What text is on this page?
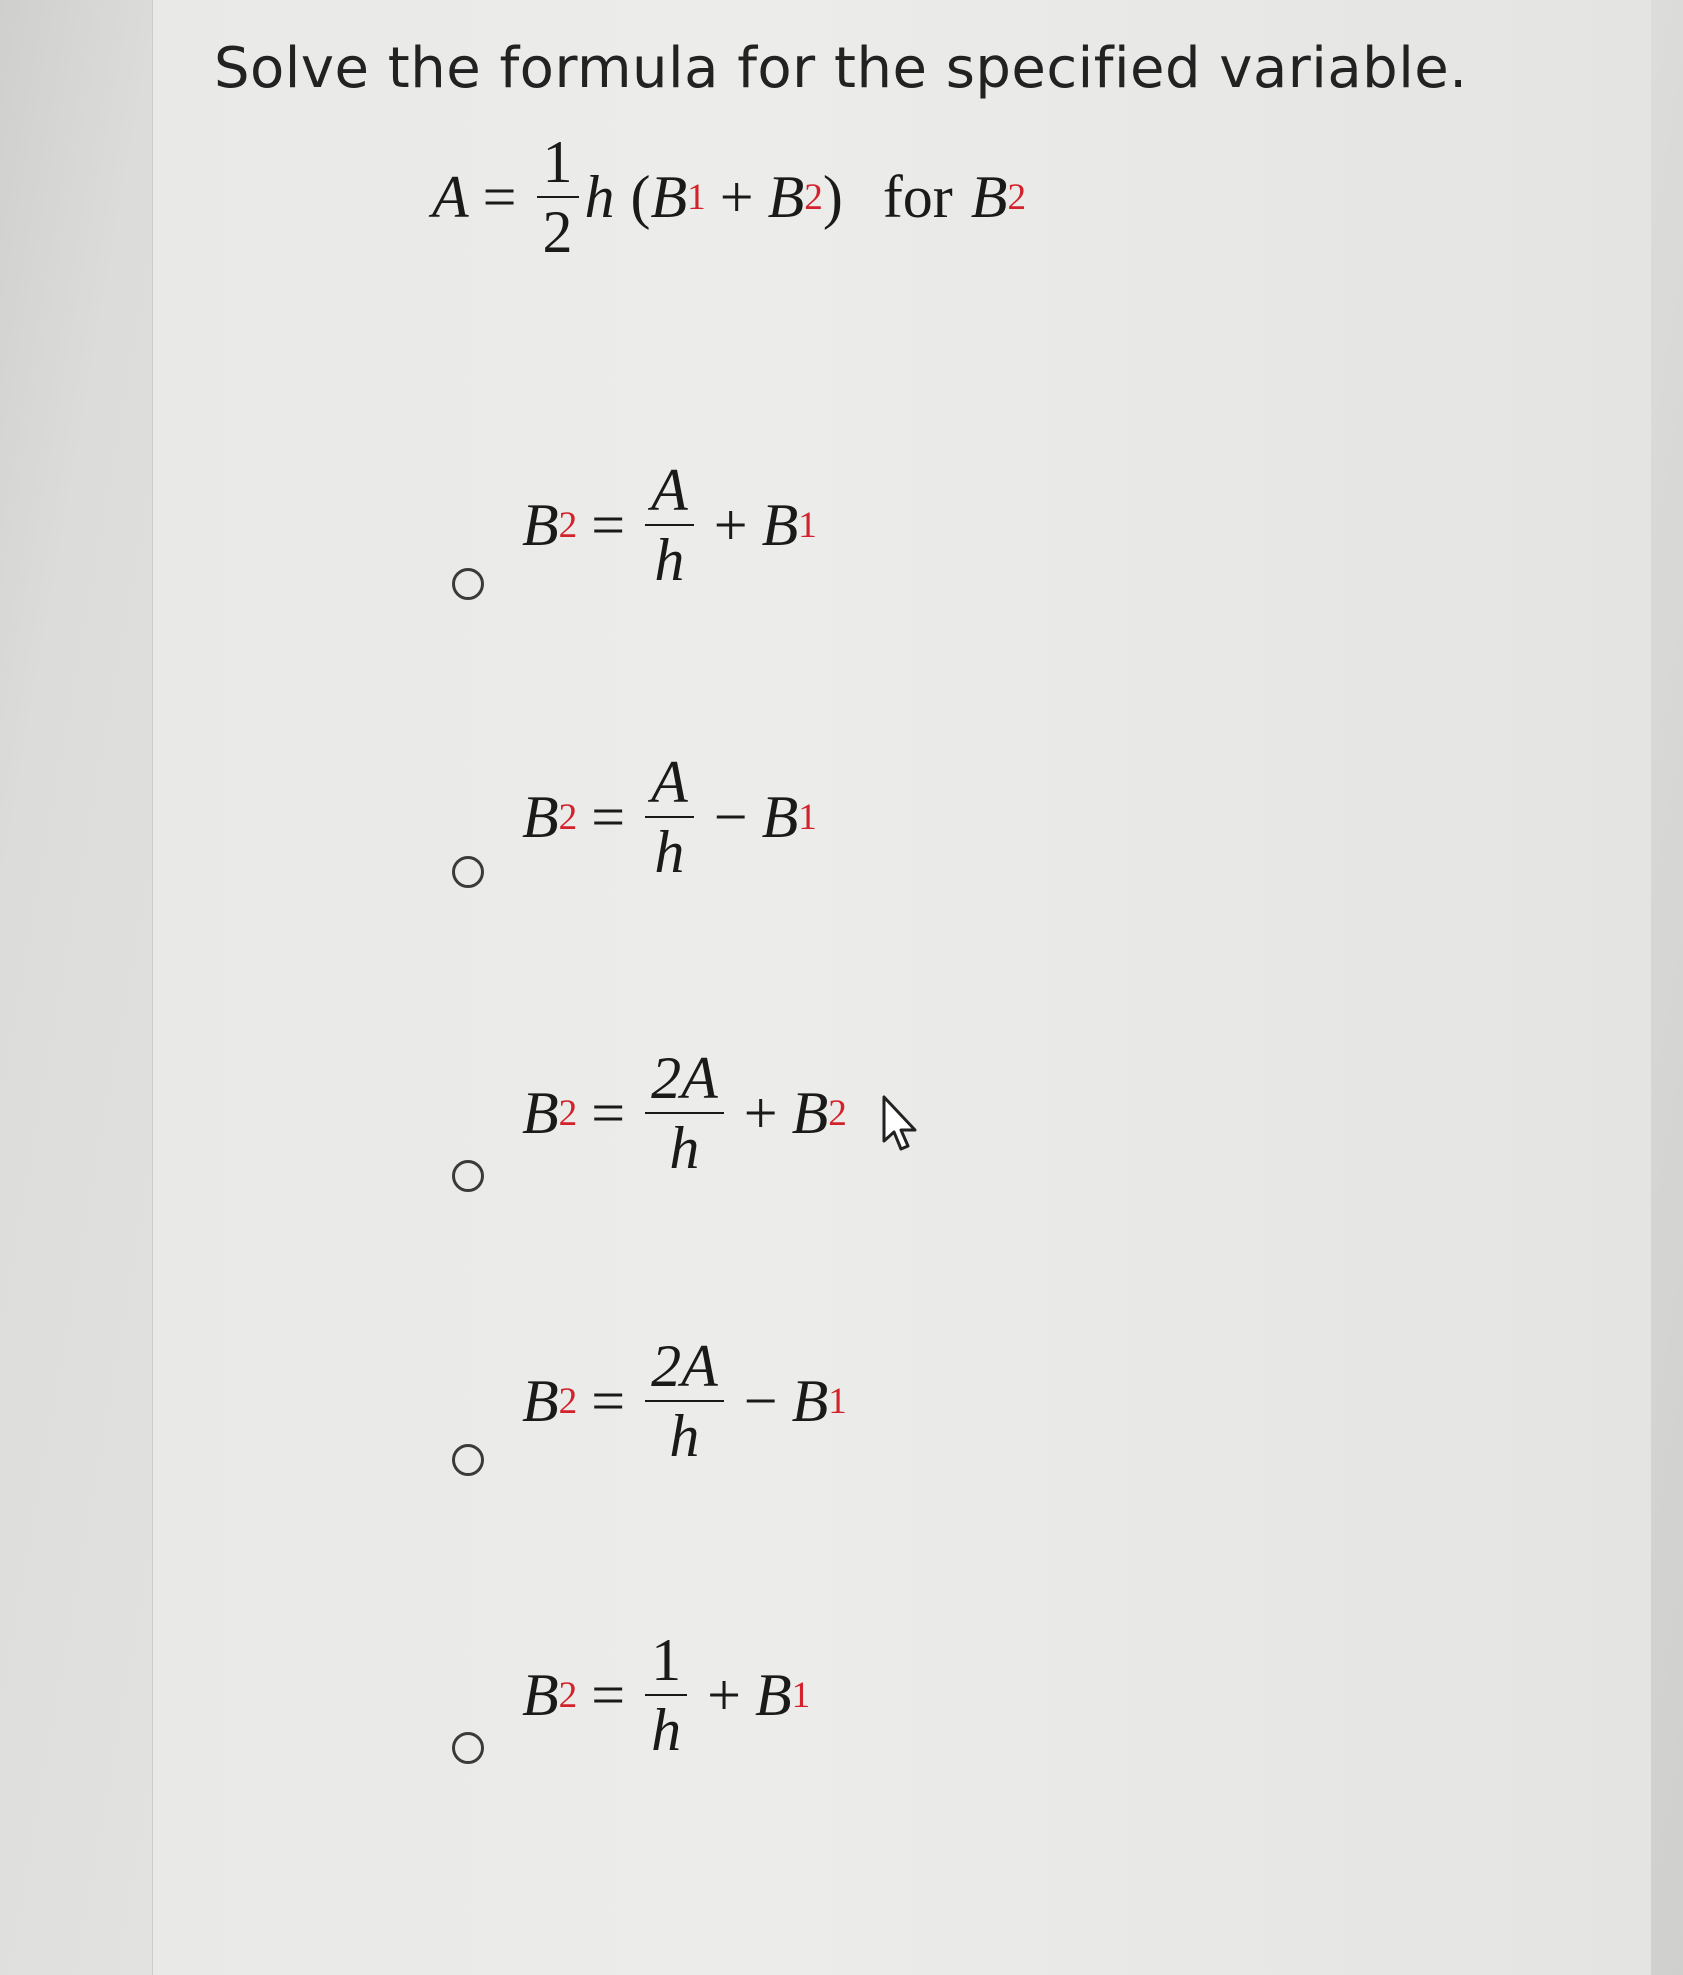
Solve the formula for the specified variable.
$A = \frac{1}{2}$ h ( B 1 + B 2 ) for B 2
B $2 = \frac{A}{h} + B$ 1
B $2 = \frac{A}{h} - B$ 1
B $2 = \frac{2A}{h} + B$ 2
B $2 = \frac{2A}{h} - B$ 1
B $2 = \frac{1}{h} + B$ 1
